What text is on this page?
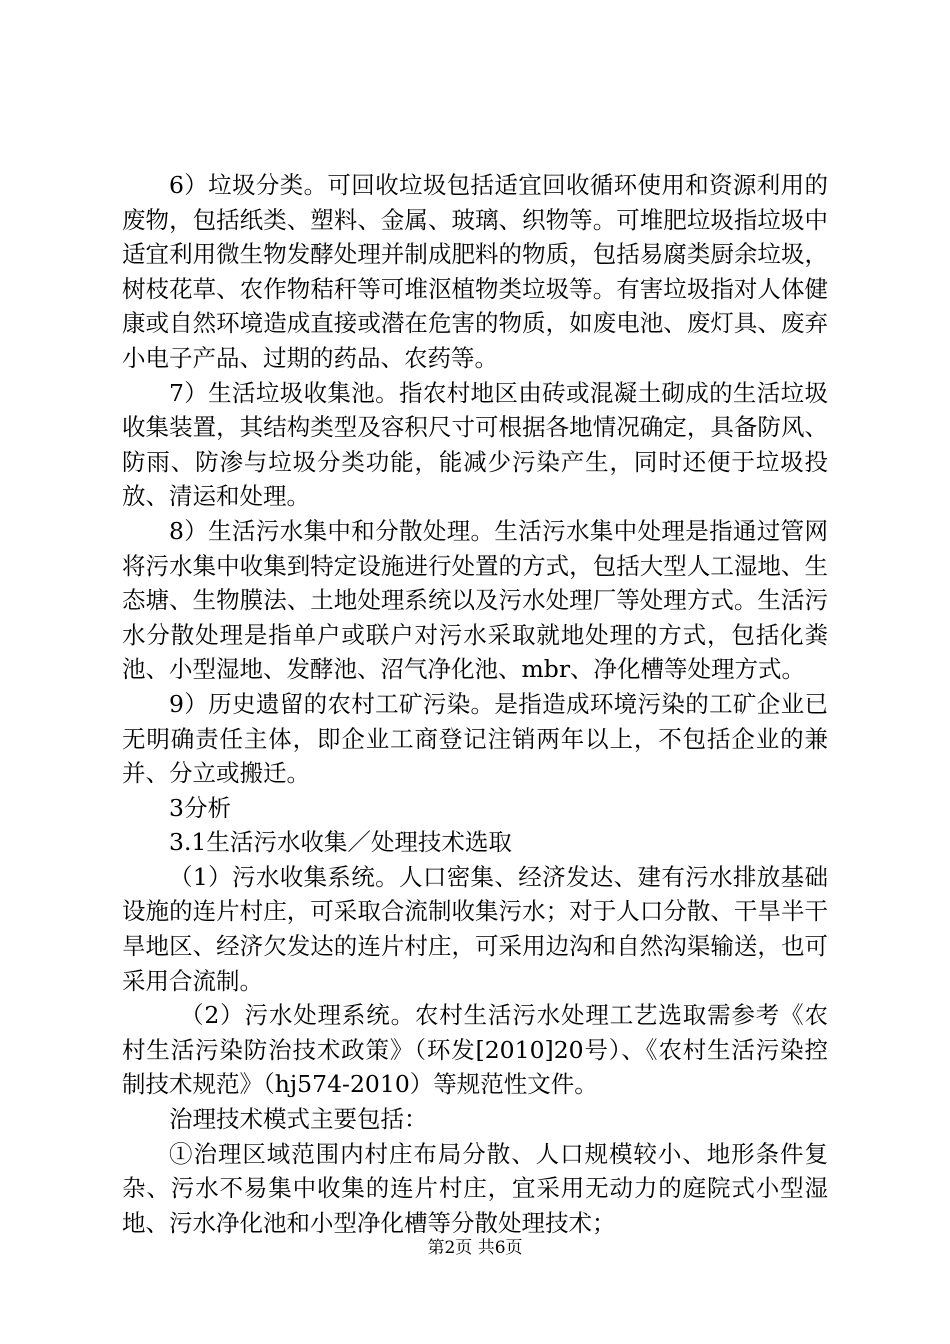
6）垃圾分类。可回收垃圾包括适宜回收循环使用和资源利用的废物，包括纸类、塑料、金属、玻璃、织物等。可堆肥垃圾指垃圾中适宜利用微生物发酵处理并制成肥料的物质，包括易腐类厨余垃圾，树枝花草、农作物秸秆等可堆沤植物类垃圾等。有害垃圾指对人体健康或自然环境造成直接或潜在危害的物质，如废电池、废灯具、废弃小电子产品、过期的药品、农药等。

7）生活垃圾收集池。指农村地区由砖或混凝土砌成的生活垃圾收集装置，其结构类型及容积尺寸可根据各地情况确定，具备防风、防雨、防渗与垃圾分类功能，能减少污染产生，同时还便于垃圾投放、清运和处理。

8）生活污水集中和分散处理。生活污水集中处理是指通过管网将污水集中收集到特定设施进行处置的方式，包括大型人工湿地、生态塘、生物膜法、土地处理系统以及污水处理厂等处理方式。生活污水分散处理是指单户或联户对污水采取就地处理的方式，包括化粪池、小型湿地、发酵池、沼气净化池、mbr、净化槽等处理方式。

9）历史遗留的农村工矿污染。是指造成环境污染的工矿企业已无明确责任主体，即企业工商登记注销两年以上，不包括企业的兼并、分立或搬迁。

3分析

3.1生活污水收集／处理技术选取

（1）污水收集系统。人口密集、经济发达、建有污水排放基础设施的连片村庄，可采取合流制收集污水；对于人口分散、干旱半干旱地区、经济欠发达的连片村庄，可采用边沟和自然沟渠输送，也可采用合流制。

（2）污水处理系统。农村生活污水处理工艺选取需参考《农村生活污染防治技术政策》（环发[2010]20号）、《农村生活污染控制技术规范》（hj574-2010）等规范性文件。

治理技术模式主要包括：

①治理区域范围内村庄布局分散、人口规模较小、地形条件复杂、污水不易集中收集的连片村庄，宜采用无动力的庭院式小型湿地、污水净化池和小型净化槽等分散处理技术；

第2页 共6页
